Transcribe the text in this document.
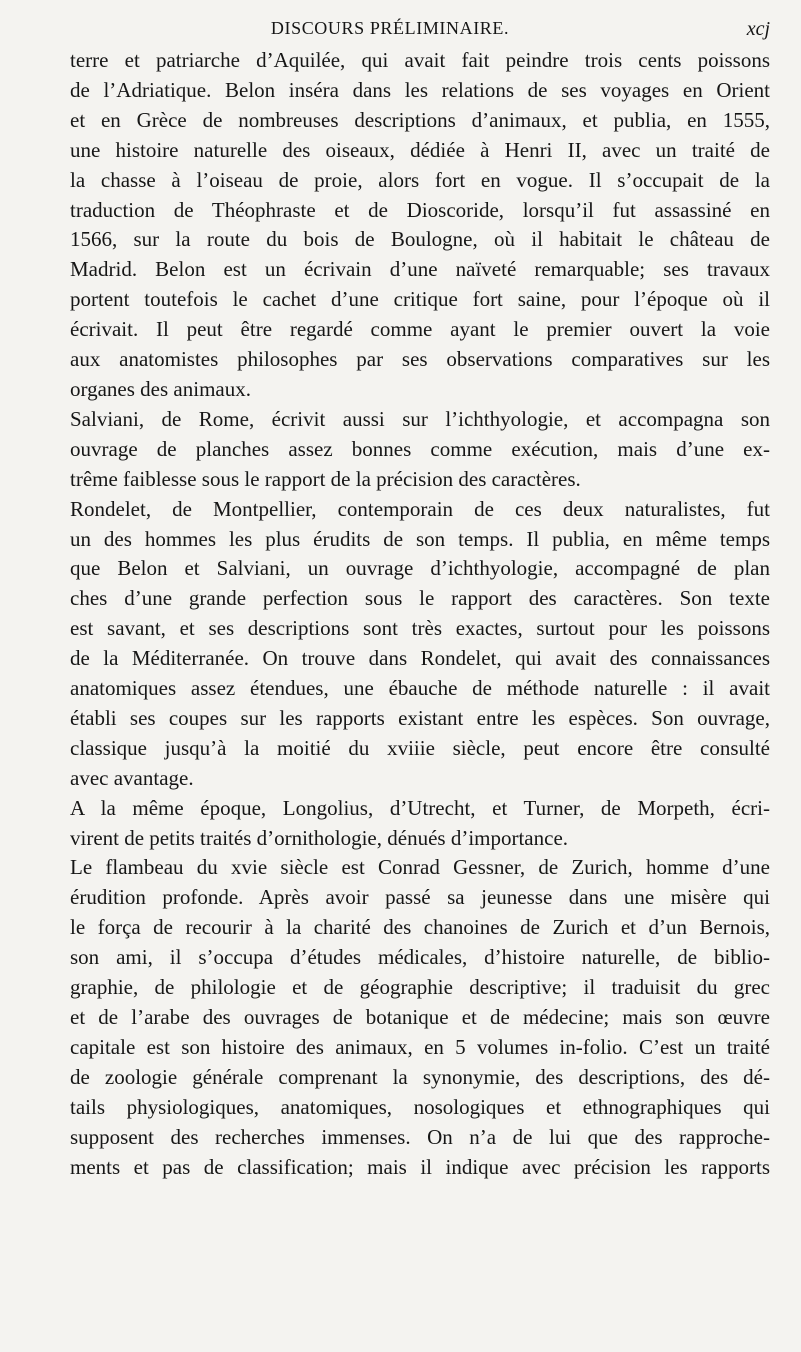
DISCOURS PRÉLIMINAIRE.	xcj
terre et patriarche d’Aquilée, qui avait fait peindre trois cents poissons
de l’Adriatique. Belon inséra dans les relations de ses voyages en Orient
et en Grèce de nombreuses descriptions d’animaux, et publia, en 1555,
une histoire naturelle des oiseaux, dédiée à Henri II, avec un traité de
la chasse à l’oiseau de proie, alors fort en vogue. Il s’occupait de la
traduction de Théophraste et de Dioscoride, lorsqu’il fut assassiné en
1566, sur la route du bois de Boulogne, où il habitait le château de
Madrid. Belon est un écrivain d’une naïveté remarquable; ses travaux
portent toutefois le cachet d’une critique fort saine, pour l’époque où il
écrivait. Il peut être regardé comme ayant le premier ouvert la voie
aux anatomistes philosophes par ses observations comparatives sur les
organes des animaux.
Salviani, de Rome, écrivit aussi sur l’ichthyologie, et accompagna son
ouvrage de planches assez bonnes comme exécution, mais d’une ex-
trême faiblesse sous le rapport de la précision des caractères.
Rondelet, de Montpellier, contemporain de ces deux naturalistes, fut
un des hommes les plus érudits de son temps. Il publia, en même temps
que Belon et Salviani, un ouvrage d’ichthyologie, accompagné de plan
ches d’une grande perfection sous le rapport des caractères. Son texte
est savant, et ses descriptions sont très exactes, surtout pour les poissons
de la Méditerranée. On trouve dans Rondelet, qui avait des connaissances
anatomiques assez étendues, une ébauche de méthode naturelle : il avait
établi ses coupes sur les rapports existant entre les espèces. Son ouvrage,
classique jusqu’à la moitié du xviiie siècle, peut encore être consulté
avec avantage.
A la même époque, Longolius, d’Utrecht, et Turner, de Morpeth, écri-
virent de petits traités d’ornithologie, dénués d’importance.
Le flambeau du xvie siècle est Conrad Gessner, de Zurich, homme d’une
érudition profonde. Après avoir passé sa jeunesse dans une misère qui
le força de recourir à la charité des chanoines de Zurich et d’un Bernois,
son ami, il s’occupa d’études médicales, d’histoire naturelle, de biblio-
graphie, de philologie et de géographie descriptive; il traduisit du grec
et de l’arabe des ouvrages de botanique et de médecine; mais son œuvre
capitale est son histoire des animaux, en 5 volumes in-folio. C’est un traité
de zoologie générale comprenant la synonymie, des descriptions, des dé-
tails physiologiques, anatomiques, nosologiques et ethnographiques qui
supposent des recherches immenses. On n’a de lui que des rapproche-
ments et pas de classification; mais il indique avec précision les rapports
